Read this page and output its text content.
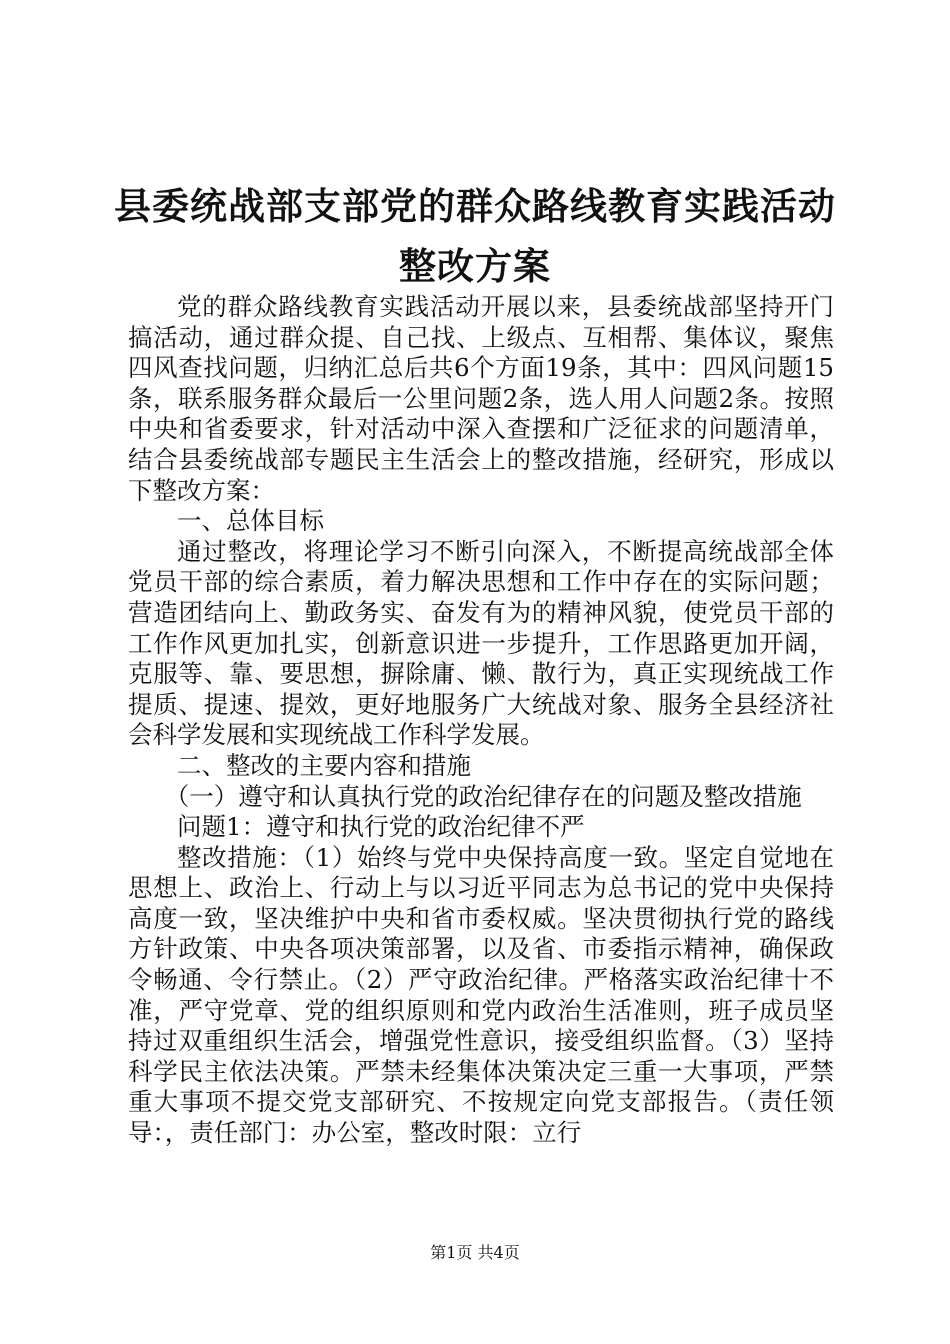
县委统战部支部党的群众路线教育实践活动整改方案

党的群众路线教育实践活动开展以来，县委统战部坚持开门搞活动，通过群众提、自己找、上级点、互相帮、集体议，聚焦四风查找问题，归纳汇总后共6个方面19条，其中：四风问题15条，联系服务群众最后一公里问题2条，选人用人问题2条。按照中央和省委要求，针对活动中深入查摆和广泛征求的问题清单，结合县委统战部专题民主生活会上的整改措施，经研究，形成以下整改方案：

一、总体目标

通过整改，将理论学习不断引向深入，不断提高统战部全体党员干部的综合素质，着力解决思想和工作中存在的实际问题；营造团结向上、勤政务实、奋发有为的精神风貌，使党员干部的工作作风更加扎实，创新意识进一步提升，工作思路更加开阔，克服等、靠、要思想，摒除庸、懒、散行为，真正实现统战工作提质、提速、提效，更好地服务广大统战对象、服务全县经济社会科学发展和实现统战工作科学发展。

二、整改的主要内容和措施

（一）遵守和认真执行党的政治纪律存在的问题及整改措施

问题1：遵守和执行党的政治纪律不严

整改措施：（1）始终与党中央保持高度一致。坚定自觉地在思想上、政治上、行动上与以习近平同志为总书记的党中央保持高度一致，坚决维护中央和省市委权威。坚决贯彻执行党的路线方针政策、中央各项决策部署，以及省、市委指示精神，确保政令畅通、令行禁止。（2）严守政治纪律。严格落实政治纪律十不准，严守党章、党的组织原则和党内政治生活准则，班子成员坚持过双重组织生活会，增强党性意识，接受组织监督。（3）坚持科学民主依法决策。严禁未经集体决策决定三重一大事项，严禁重大事项不提交党支部研究、不按规定向党支部报告。（责任领导：，责任部门：办公室，整改时限：立行

第1页 共4页
